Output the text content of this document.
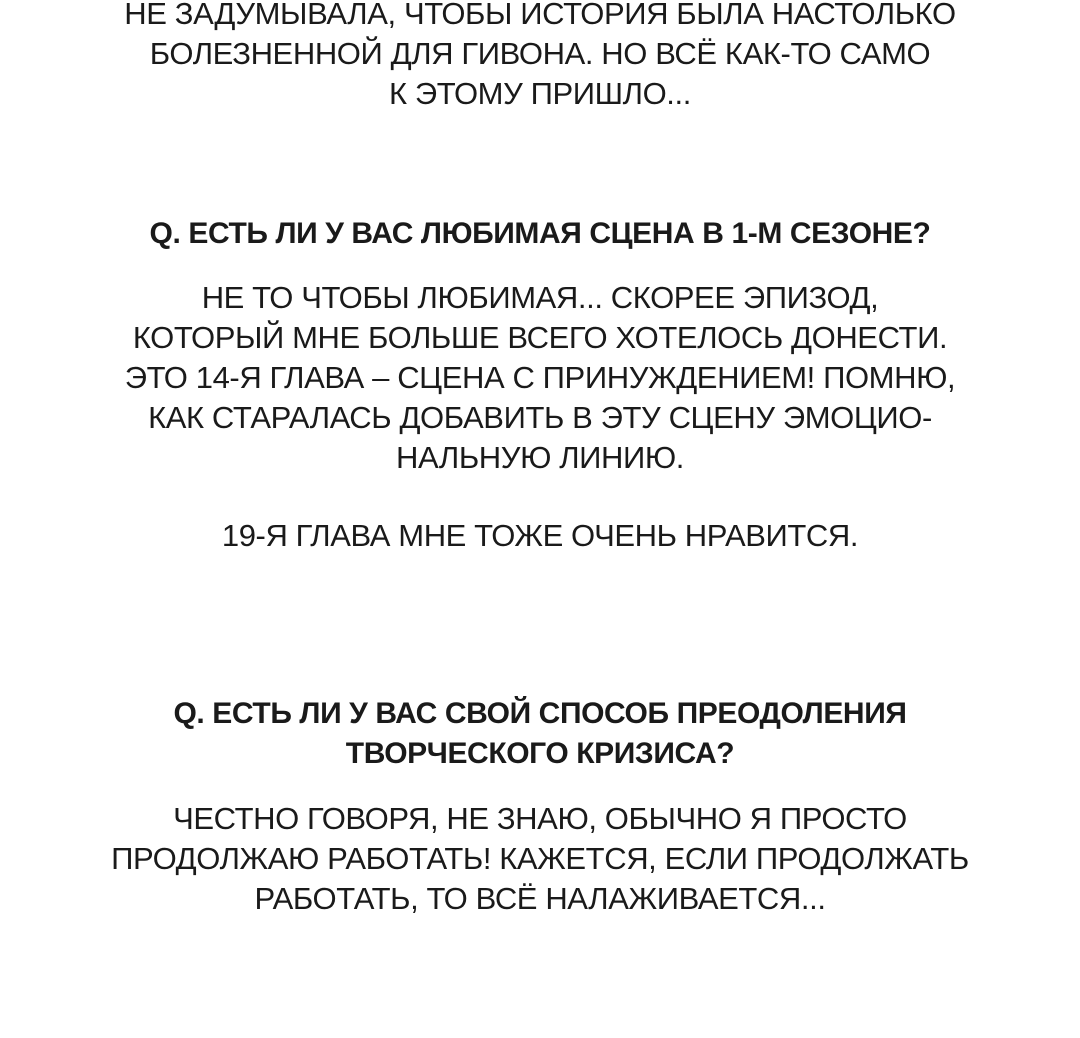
НЕ ЗАДУМЫВАЛА, ЧТОБЫ ИСТОРИЯ БЫЛА НАСТОЛЬКО
БОЛЕЗНЕННОЙ ДЛЯ ГИВОНА. НО ВСЁ КАК-ТО САМО
К ЭТОМУ ПРИШЛО...
Q. ЕСТЬ ЛИ У ВАС ЛЮБИМАЯ СЦЕНА В 1-М СЕЗОНЕ?
НЕ ТО ЧТОБЫ ЛЮБИМАЯ... СКОРЕЕ ЭПИЗОД,
КОТОРЫЙ МНЕ БОЛЬШЕ ВСЕГО ХОТЕЛОСЬ ДОНЕСТИ.
ЭТО 14-Я ГЛАВА – СЦЕНА С ПРИНУЖДЕНИЕМ! ПОМНЮ,
КАК СТАРАЛАСЬ ДОБАВИТЬ В ЭТУ СЦЕНУ ЭМОЦИО-
НАЛЬНУЮ ЛИНИЮ.
19-Я ГЛАВА МНЕ ТОЖЕ ОЧЕНЬ НРАВИТСЯ.
Q. ЕСТЬ ЛИ У ВАС СВОЙ СПОСОБ ПРЕОДОЛЕНИЯ
ТВОРЧЕСКОГО КРИЗИСА?
ЧЕСТНО ГОВОРЯ, НЕ ЗНАЮ, ОБЫЧНО Я ПРОСТО
ПРОДОЛЖАЮ РАБОТАТЬ! КАЖЕТСЯ, ЕСЛИ ПРОДОЛЖАТЬ
РАБОТАТЬ, ТО ВСЁ НАЛАЖИВАЕТСЯ...
